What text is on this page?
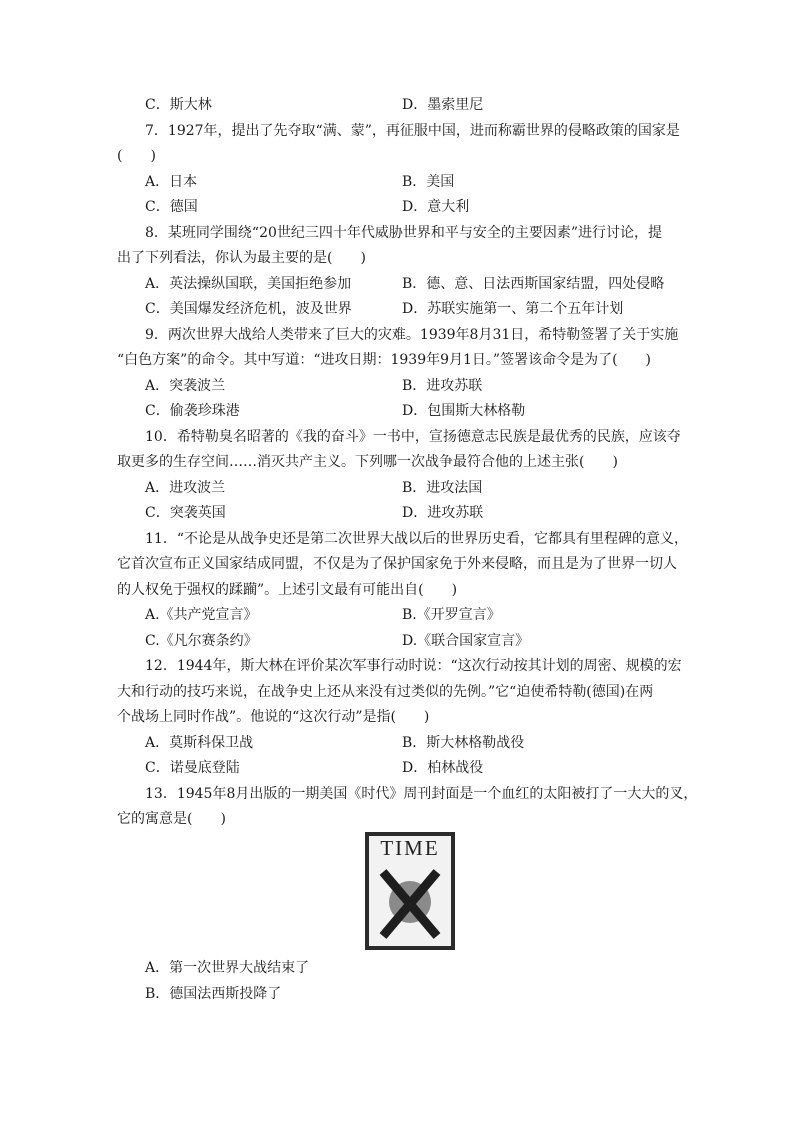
C．斯大林	D．墨索里尼
7．1927年，提出了先夺取“满、蒙”，再征服中国，进而称霸世界的侵略政策的国家是
(　　)
A．日本	B．美国
C．德国	D．意大利
8．某班同学围绕“20世纪三四十年代威胁世界和平与安全的主要因素”进行讨论，提
出了下列看法，你认为最主要的是(　　)
A．英法操纵国联，美国拒绝参加	B．德、意、日法西斯国家结盟，四处侵略
C．美国爆发经济危机，波及世界	D．苏联实施第一、第二个五年计划
9．两次世界大战给人类带来了巨大的灾难。1939年8月31日，希特勒签署了关于实施
“白色方案”的命令。其中写道：“进攻日期：1939年9月1日。”签署该命令是为了(　　)
A．突袭波兰	B．进攻苏联
C．偷袭珍珠港	D．包围斯大林格勒
10．希特勒臭名昭著的《我的奋斗》一书中，宣扬德意志民族是最优秀的民族，应该夺
取更多的生存空间……消灭共产主义。下列哪一次战争最符合他的上述主张(　　)
A．进攻波兰	B．进攻法国
C．突袭英国	D．进攻苏联
11．“不论是从战争史还是第二次世界大战以后的世界历史看，它都具有里程碑的意义，
它首次宣布正义国家结成同盟，不仅是为了保护国家免于外来侵略，而且是为了世界一切人
的人权免于强权的蹂躏”。上述引文最有可能出自(　　)
A.《共产党宣言》	B.《开罗宣言》
C.《凡尔赛条约》	D.《联合国家宣言》
12．1944年，斯大林在评价某次军事行动时说：“这次行动按其计划的周密、规模的宏
大和行动的技巧来说，在战争史上还从来没有过类似的先例。”它“迫使希特勒(德国)在两
个战场上同时作战”。他说的“这次行动”是指(　　)
A．莫斯科保卫战	B．斯大林格勒战役
C．诺曼底登陆	D．柏林战役
13．1945年8月出版的一期美国《时代》周刊封面是一个血红的太阳被打了一大大的叉，
它的寓意是(　　)
TIME
A．第一次世界大战结束了
B．德国法西斯投降了
